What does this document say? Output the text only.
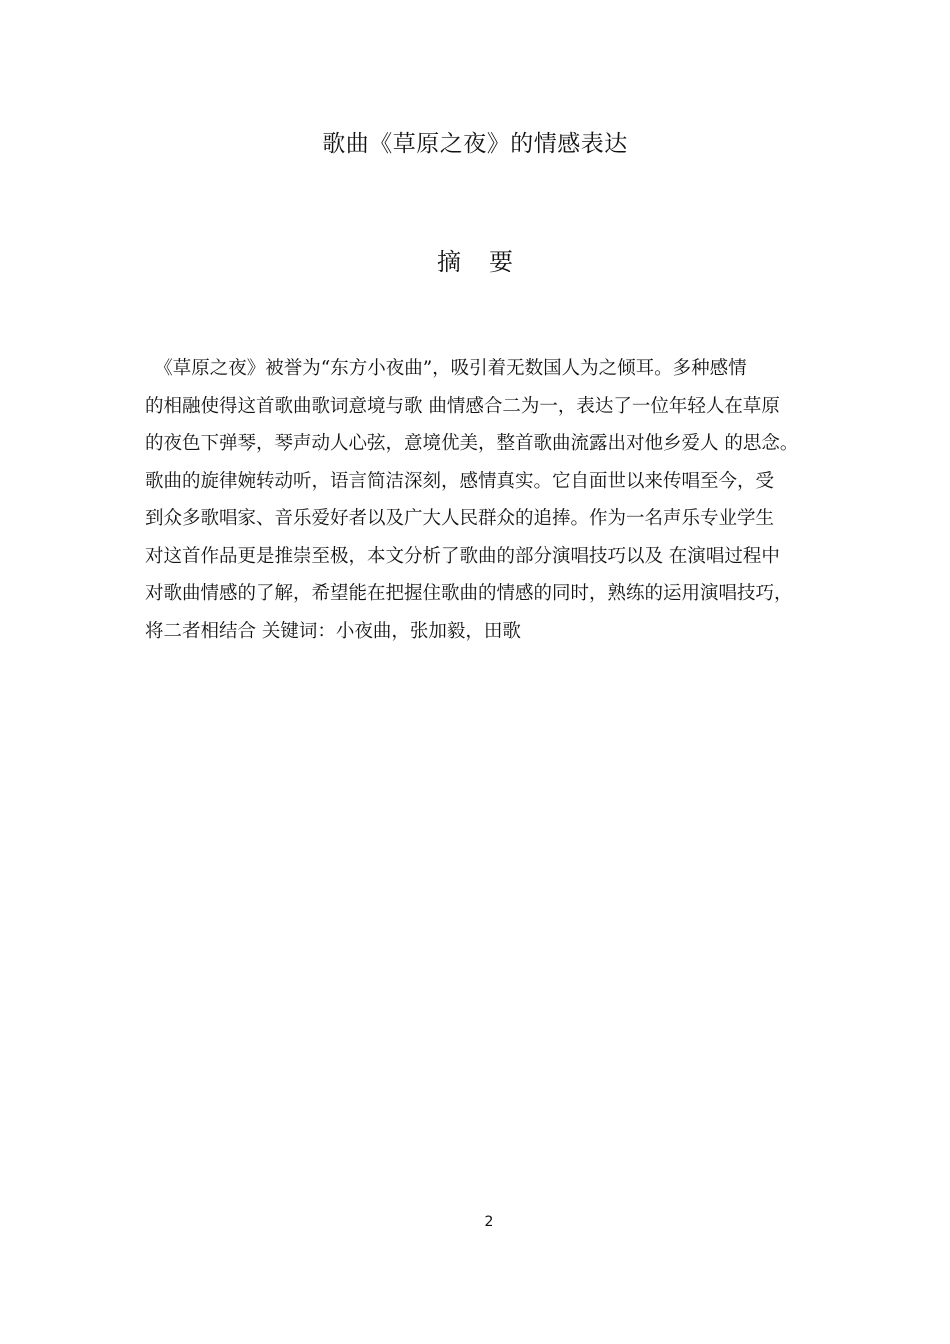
歌曲《草原之夜》的情感表达
摘 要
　《草原之夜》被誉为“东方小夜曲”，吸引着无数国人为之倾耳。多种感情
的相融使得这首歌曲歌词意境与歌 曲情感合二为一，表达了一位年轻人在草原
的夜色下弹琴，琴声动人心弦，意境优美，整首歌曲流露出对他乡爱人 的思念。
歌曲的旋律婉转动听，语言简洁深刻，感情真实。它自面世以来传唱至今，受
到众多歌唱家、音乐爱好者以及广大人民群众的追捧。作为一名声乐专业学生
对这首作品更是推崇至极，本文分析了歌曲的部分演唱技巧以及 在演唱过程中
对歌曲情感的了解，希望能在把握住歌曲的情感的同时，熟练的运用演唱技巧，
将二者相结合 关键词：小夜曲，张加毅，田歌
2
